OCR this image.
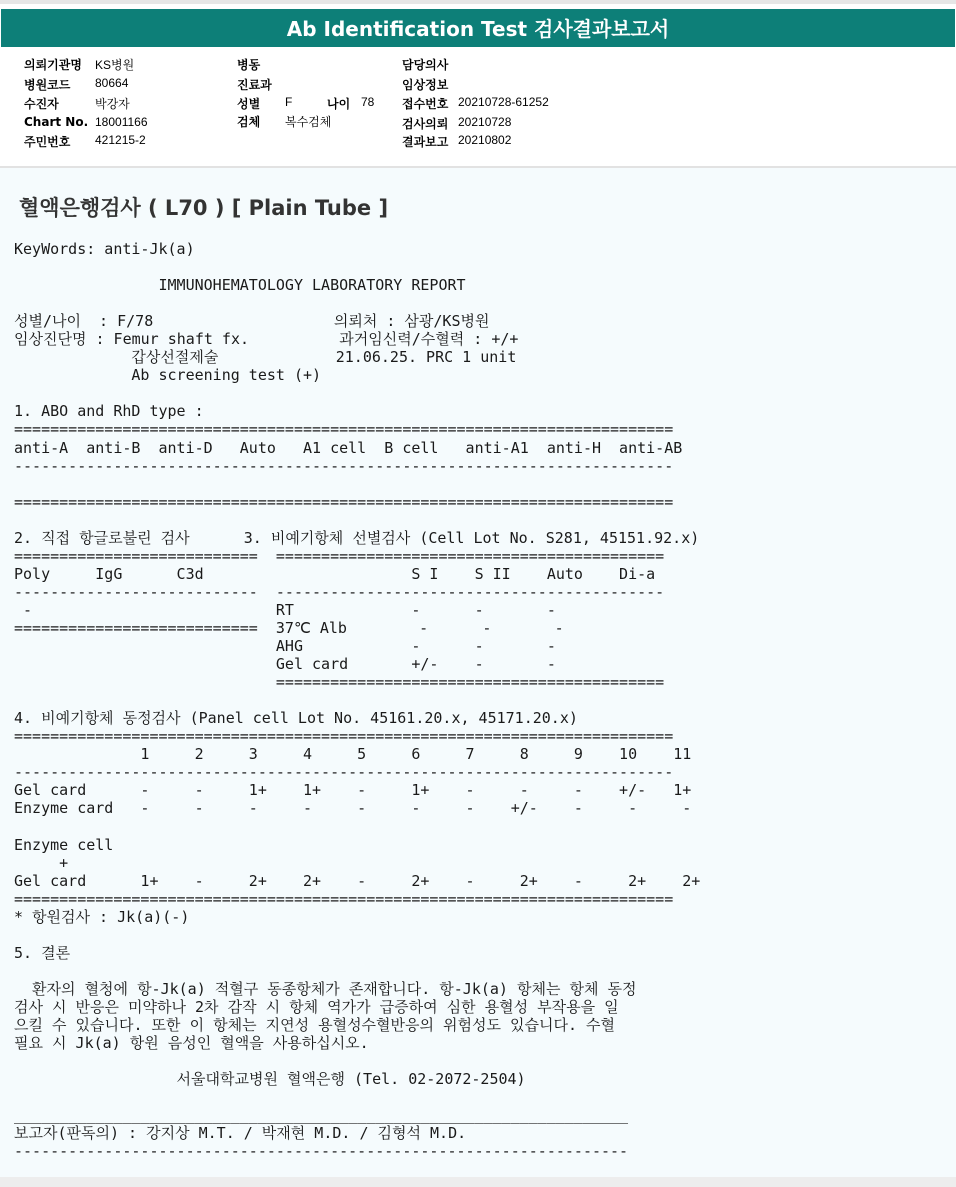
Ab Identification Test 검사결과보고서
의뢰기관명 KS병원
병원코드 80664
수진자	박강자
Chart No. 18001166
주민번호 421215-2
병동
진료과
성별 F	나이 78
검체 복수검체
담당의사
임상정보
접수번호 20210728-61252
검사의뢰 20210728
결과보고 20210802
혈액은행검사 ( L70 ) [ Plain Tube ]
KeyWords: anti-Jk(a)

IMMUNOHEMATOLOGY LABORATORY REPORT

성별/나이  : F/78                    의뢰처 : 삼광/KS병원
임상진단명 : Femur shaft fx.          과거임신력/수혈력 : +/+
갑상선절제술             21.06.25. PRC 1 unit
Ab screening test (+)

1. ABO and RhD type :
=========================================================================
anti-A  anti-B  anti-D   Auto   A1 cell  B cell   anti-A1  anti-H  anti-AB
-------------------------------------------------------------------------

=========================================================================

2. 직접 항글로불린 검사      3. 비예기항체 선별검사 (Cell Lot No. S281, 45151.92.x)
===========================  ===========================================
Poly     IgG      C3d                       S I    S II    Auto    Di-a
---------------------------  -------------------------------------------
-                           RT             -      -       -
===========================  37℃ Alb        -      -       -
AHG            -      -       -
Gel card       +/-    -       -
===========================================

4. 비예기항체 동정검사 (Panel cell Lot No. 45161.20.x, 45171.20.x)
=========================================================================
1     2     3     4     5     6     7     8     9    10    11
-------------------------------------------------------------------------
Gel card      -     -     1+    1+    -     1+    -     -     -    +/-   1+
Enzyme card   -     -     -     -     -     -     -    +/-    -     -     -

Enzyme cell
+
Gel card      1+    -     2+    2+    -     2+    -     2+    -     2+    2+
=========================================================================
* 항원검사 : Jk(a)(-)

5. 결론

환자의 혈청에 항-Jk(a) 적혈구 동종항체가 존재합니다. 항-Jk(a) 항체는 항체 동정
검사 시 반응은 미약하나 2차 감작 시 항체 역가가 급증하여 심한 용혈성 부작용을 일
으킬 수 있습니다. 또한 이 항체는 지연성 용혈성수혈반응의 위험성도 있습니다. 수혈
필요 시 Jk(a) 항원 음성인 혈액을 사용하십시오.

서울대학교병원 혈액은행 (Tel. 02-2072-2504)

____________________________________________________________________
보고자(판독의) : 강지상 M.T. / 박재현 M.D. / 김형석 M.D.
--------------------------------------------------------------------
